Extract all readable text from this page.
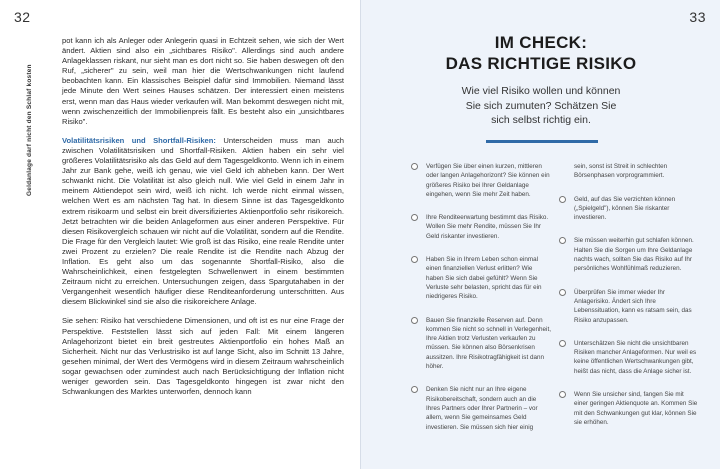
32
Geldanlage darf nicht den Schlaf kosten

pot kann ich als Anleger oder Anlegerin quasi in Echtzeit sehen, wie sich der Wert ändert. Aktien sind also ein „sichtbares Risiko". Allerdings sind auch andere Anlageklassen riskant, nur sieht man es dort nicht so. Sie haben deswegen oft den Ruf, „sicherer" zu sein, weil man hier die Wertschwankungen nicht laufend beobachten kann. Ein klassisches Beispiel dafür sind Immobilien. Niemand lässt jede Minute den Wert seines Hauses schätzen. Der interessiert einen meistens erst, wenn man das Haus wieder verkaufen will. Man bekommt deswegen nicht mit, wenn zwischenzeitlich der Immobilienpreis fällt. Es besteht also ein „unsichtbares Risiko".

Volatilitätsrisiken und Shortfall-Risiken: Unterscheiden muss man auch zwischen Volatilitätsrisiken und Shortfall-Risiken. Aktien haben ein sehr viel größeres Volatilitätsrisiko als das Geld auf dem Tagesgeldkonto. Wenn ich in einem Jahr zur Bank gehe, weiß ich genau, wie viel Geld ich abheben kann. Der Wert schwankt nicht. Die Volatilität ist also gleich null. Wie viel Geld in einem Jahr in meinem Aktiendepot sein wird, weiß ich nicht. Ich werde nicht einmal wissen, welchen Wert es am nächsten Tag hat. In diesem Sinne ist das Tagesgeldkonto extrem risikoarm und selbst ein breit diversifiziertes Aktienportfolio sehr risikoreich. Jetzt betrachten wir die beiden Anlageformen aus einer anderen Perspektive. Für diesen Risikovergleich schauen wir nicht auf die Volatilität, sondern auf die Rendite. Die Frage für den Vergleich lautet: Wie groß ist das Risiko, eine reale Rendite unter zwei Prozent zu erzielen? Die reale Rendite ist die Rendite nach Abzug der Inflation. Es geht also um das sogenannte Shortfall-Risiko, also die Wahrscheinlichkeit, einen festgelegten Schwellenwert in einem bestimmten Zeitraum nicht zu erreichen. Untersuchungen zeigen, dass Spargutahaben in der Vergangenheit wesentlich häufiger diese Renditeanforderung unterschritten. Aus diesem Blickwinkel sind sie also die risikoreichere Anlage.

Sie sehen: Risiko hat verschiedene Dimensionen, und oft ist es nur eine Frage der Perspektive. Feststellen lässt sich auf jeden Fall: Mit einem längeren Anlagehorizont bietet ein breit gestreutes Aktienportfolio ein hohes Maß an Sicherheit. Nicht nur das Verlustrisiko ist auf lange Sicht, also im Schnitt 13 Jahre, gesehen minimal, der Wert des Vermögens wird in diesem Zeitraum wahrscheinlich sogar gewachsen oder zumindest auch nach Berücksichtigung der Inflation nicht weniger geworden sein. Das Tagesgeldkonto hingegen ist zwar nicht den Schwankungen des Marktes unterworfen, dennoch kann

33
IM CHECK:
DAS RICHTIGE RISIKO
Wie viel Risiko wollen und können Sie sich zumuten? Schätzen Sie sich selbst richtig ein.
Verfügen Sie über einen kurzen, mittleren oder langen Anlagehorizont? Sie können ein größeres Risiko bei Ihrer Geldanlage eingehen, wenn Sie mehr Zeit haben.
Ihre Renditeerwartung bestimmt das Risiko. Wollen Sie mehr Rendite, müssen Sie Ihr Geld riskanter investieren.
Haben Sie in Ihrem Leben schon einmal einen finanziellen Verlust erlitten? Wie haben Sie sich dabei gefühlt? Wenn Sie Verluste sehr belasten, spricht das für ein niedrigeres Risiko.
Bauen Sie finanzielle Reserven auf. Denn kommen Sie nicht so schnell in Verlegenheit, Ihre Aktien trotz Verlusten verkaufen zu müssen. Sie können also Börsenkrisen aussitzen. Ihre Risikotragfähigkeit ist dann höher.
Denken Sie nicht nur an Ihre eigene Risikobereitschaft, sondern auch an die Ihres Partners oder Ihrer Partnerin – vor allem, wenn Sie gemeinsames Geld investieren. Sie müssen sich hier einig
sein, sonst ist Streit in schlechten Börsenphasen vorprogrammiert.
Geld, auf das Sie verzichten können („Spielgeld"), können Sie riskanter investieren.
Sie müssen weiterhin gut schlafen können. Halten Sie die Sorgen um Ihre Geldanlage nachts wach, sollten Sie das Risiko auf Ihr persönliches Wohlfühlmaß reduzieren.
Überprüfen Sie immer wieder Ihr Anlagerisiko. Ändert sich Ihre Lebenssituation, kann es ratsam sein, das Risiko anzupassen.
Unterschätzen Sie nicht die unsichtbaren Risiken mancher Anlageformen. Nur weil es keine öffentlichen Wertschwankungen gibt, heißt das nicht, dass die Anlage sicher ist.
Wenn Sie unsicher sind, fangen Sie mit einer geringen Aktienquote an. Kommen Sie mit den Schwankungen gut klar, können Sie sie erhöhen.
